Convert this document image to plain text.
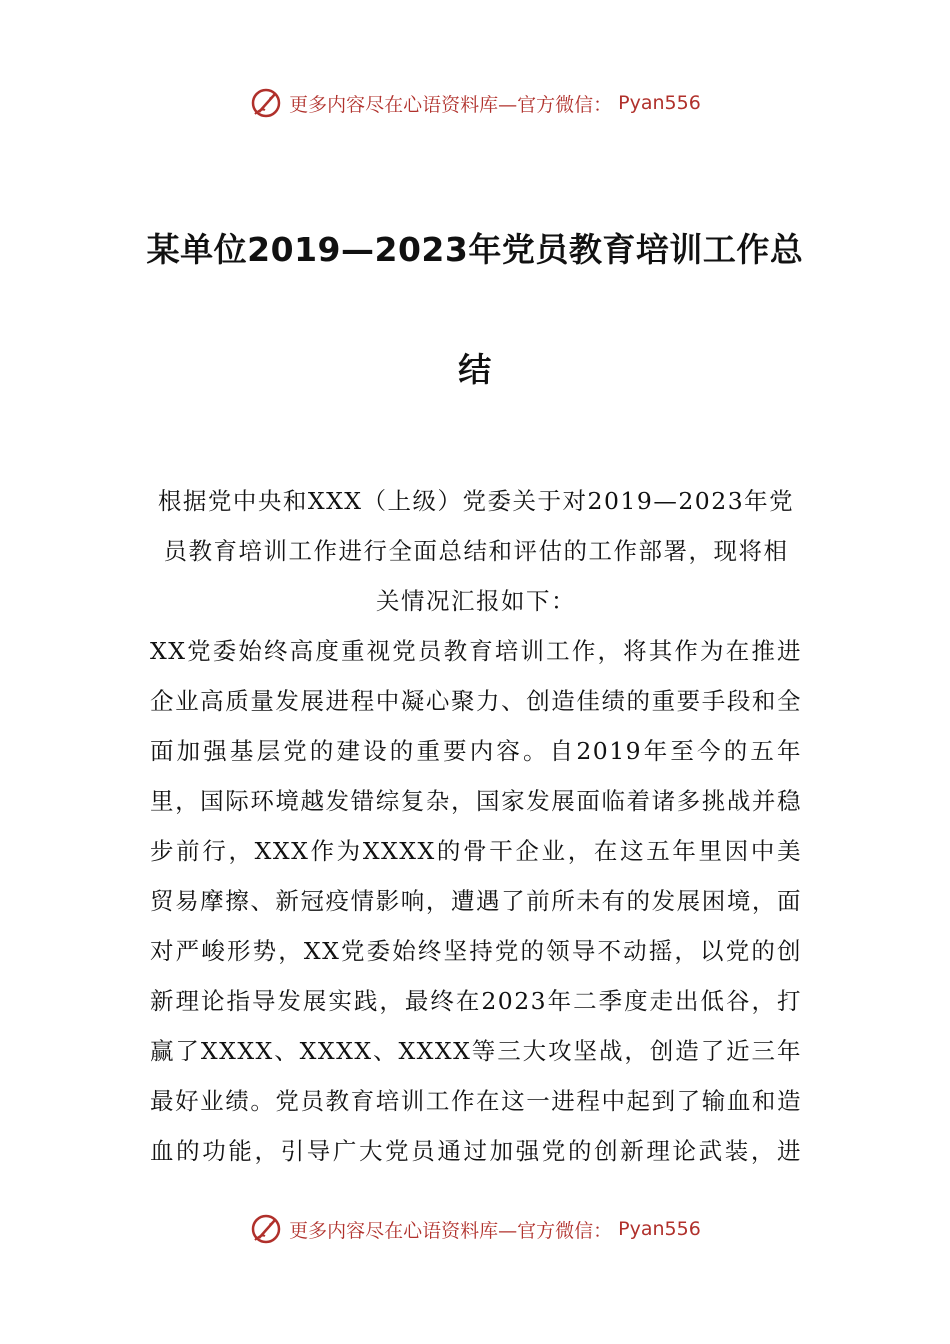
更多内容尽在心语资料库—官方微信： Pyan556
某单位2019—2023年党员教育培训工作总
结

根据党中央和XXX（上级）党委关于对2019—2023年党员教育培训工作进行全面总结和评估的工作部署，现将相关情况汇报如下：

XX党委始终高度重视党员教育培训工作，将其作为在推进企业高质量发展进程中凝心聚力、创造佳绩的重要手段和全面加强基层党的建设的重要内容。自2019年至今的五年里，国际环境越发错综复杂，国家发展面临着诸多挑战并稳步前行，XXX作为XXXX的骨干企业，在这五年里因中美贸易摩擦、新冠疫情影响，遭遇了前所未有的发展困境，面对严峻形势，XX党委始终坚持党的领导不动摇，以党的创新理论指导发展实践，最终在2023年二季度走出低谷，打赢了XXXX、XXXX、XXXX等三大攻坚战，创造了近三年最好业绩。党员教育培训工作在这一进程中起到了输血和造血的功能，引导广大党员通过加强党的创新理论武装，进

更多内容尽在心语资料库—官方微信： Pyan556
